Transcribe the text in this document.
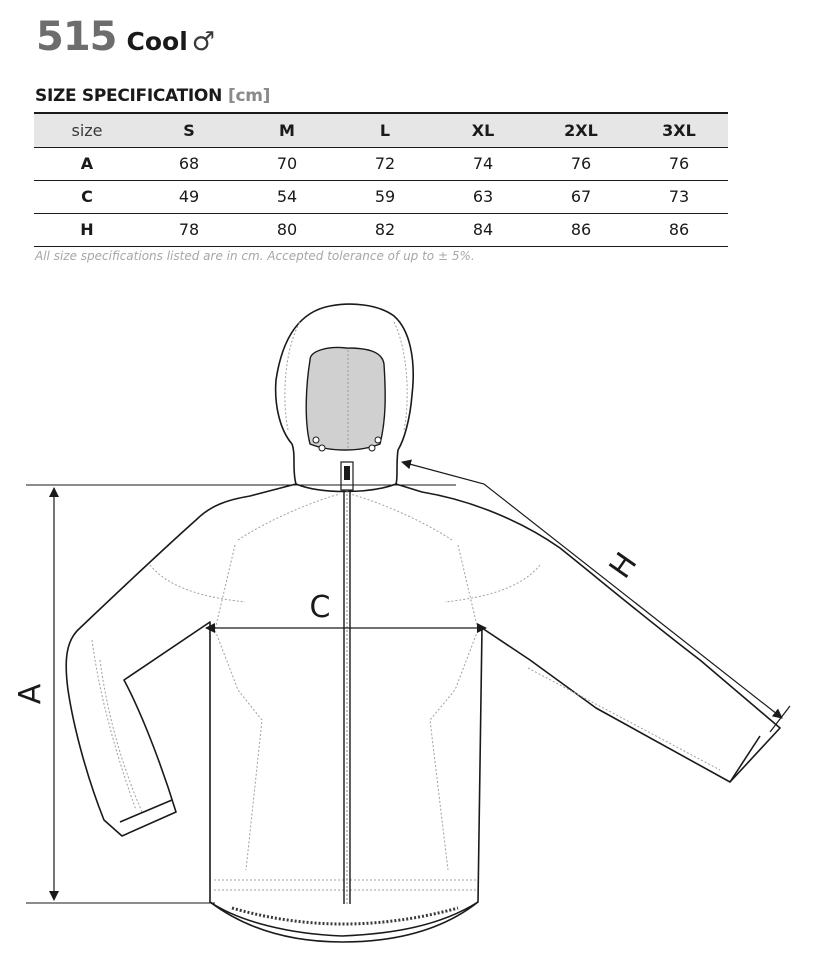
515 Cool ♂
SIZE SPECIFICATION [cm]
size	S	M	L	XL	2XL	3XL
A	68	70	72	74	76	76
C	49	54	59	63	67	73
H	78	80	82	84	86	86
All size specifications listed are in cm. Accepted tolerance of up to ± 5%.
A
C
H
